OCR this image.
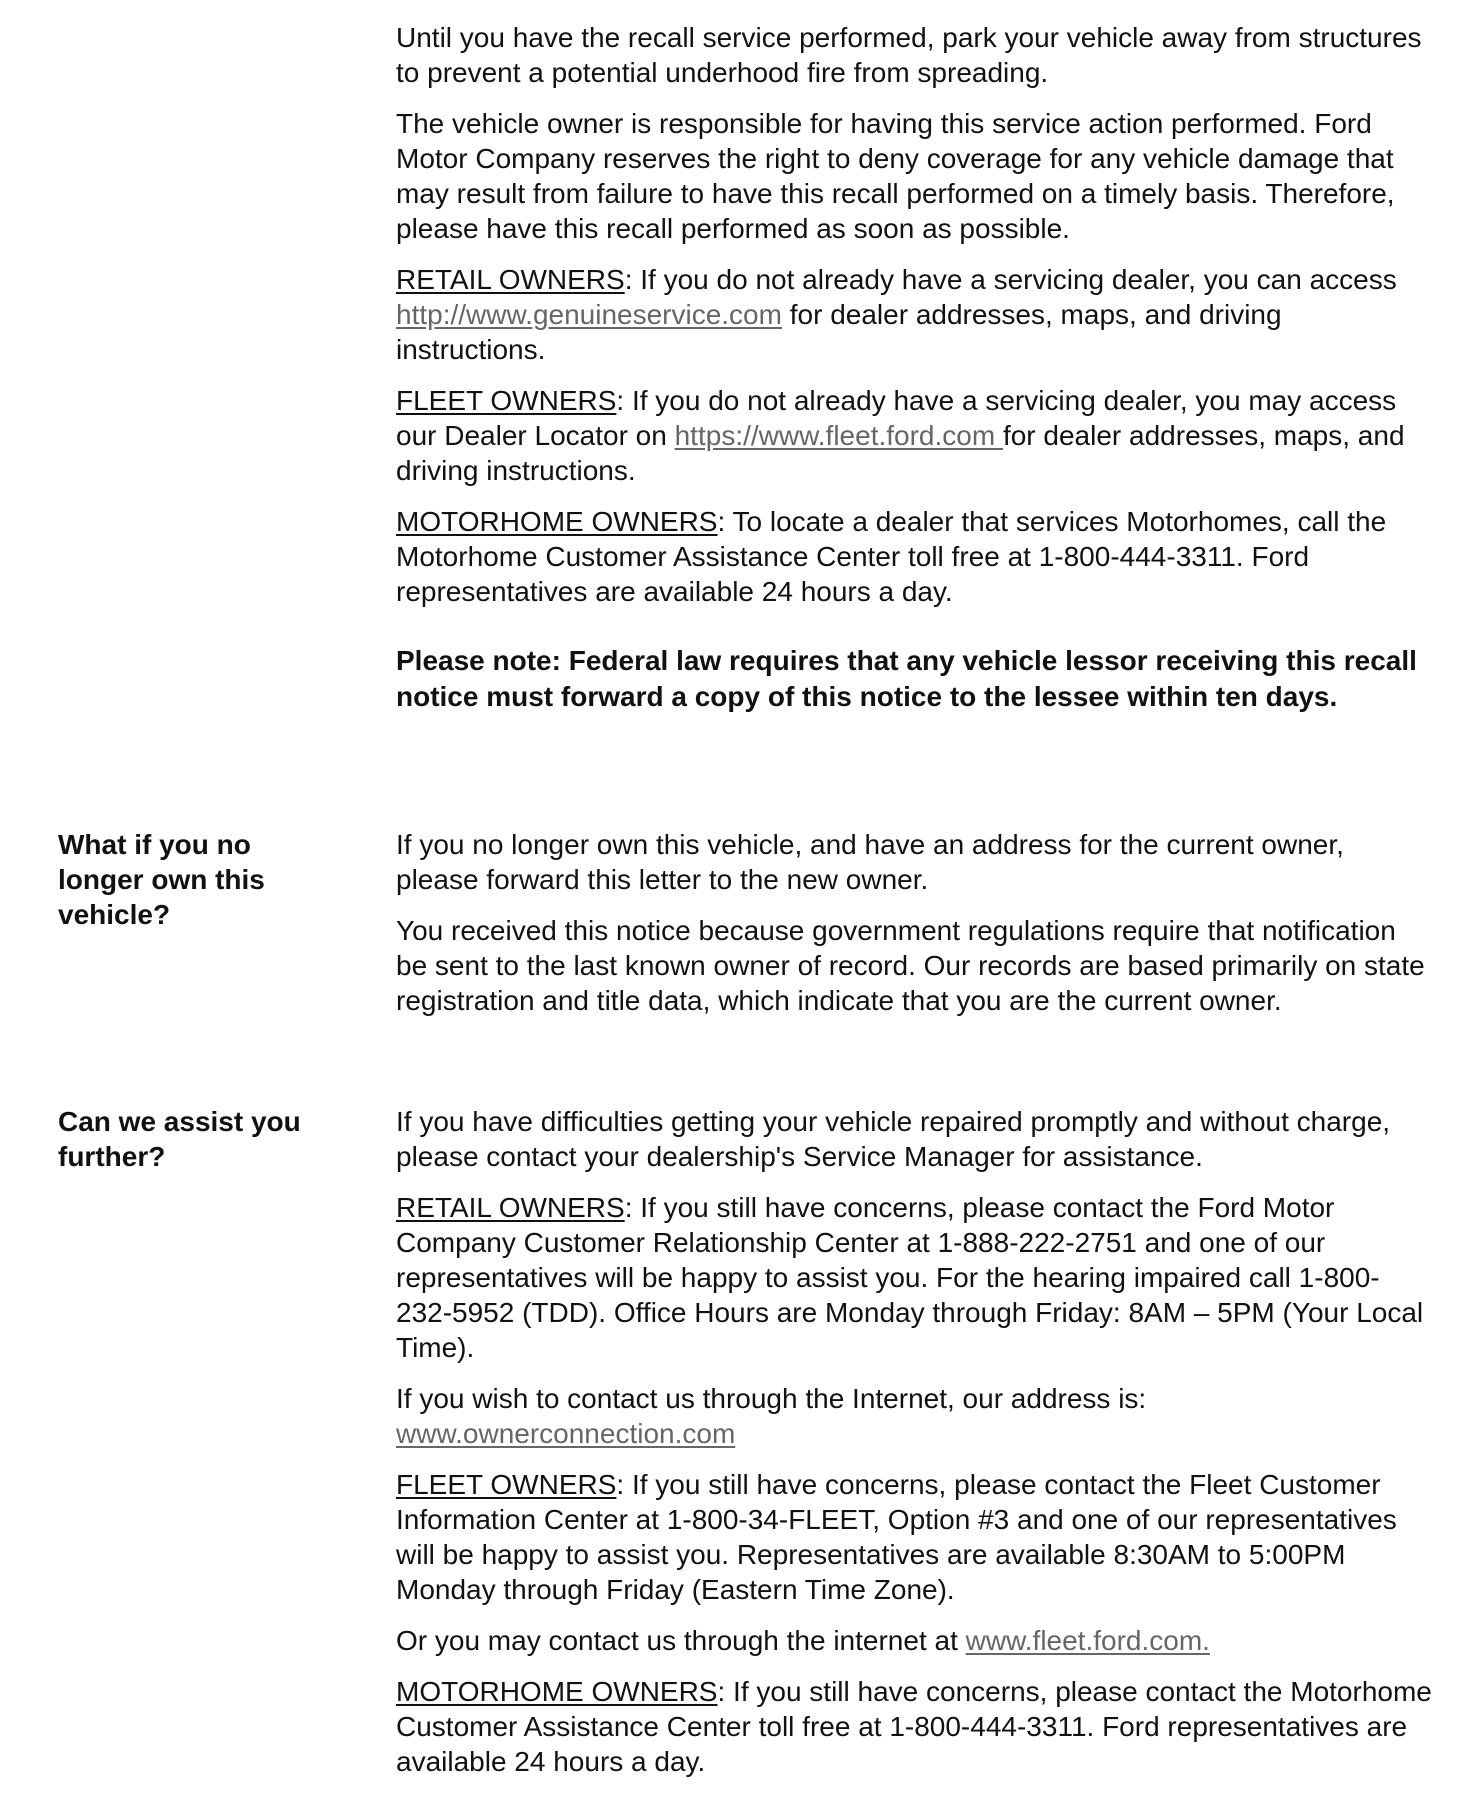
Until you have the recall service performed, park your vehicle away from structures to prevent a potential underhood fire from spreading.

The vehicle owner is responsible for having this service action performed. Ford Motor Company reserves the right to deny coverage for any vehicle damage that may result from failure to have this recall performed on a timely basis. Therefore, please have this recall performed as soon as possible.

RETAIL OWNERS: If you do not already have a servicing dealer, you can access http://www.genuineservice.com for dealer addresses, maps, and driving instructions.

FLEET OWNERS: If you do not already have a servicing dealer, you may access our Dealer Locator on https://www.fleet.ford.com for dealer addresses, maps, and driving instructions.

MOTORHOME OWNERS: To locate a dealer that services Motorhomes, call the Motorhome Customer Assistance Center toll free at 1-800-444-3311. Ford representatives are available 24 hours a day.

Please note: Federal law requires that any vehicle lessor receiving this recall notice must forward a copy of this notice to the lessee within ten days.

What if you no longer own this vehicle?

If you no longer own this vehicle, and have an address for the current owner, please forward this letter to the new owner.

You received this notice because government regulations require that notification be sent to the last known owner of record. Our records are based primarily on state registration and title data, which indicate that you are the current owner.

Can we assist you further?

If you have difficulties getting your vehicle repaired promptly and without charge, please contact your dealership's Service Manager for assistance.

RETAIL OWNERS: If you still have concerns, please contact the Ford Motor Company Customer Relationship Center at 1-888-222-2751 and one of our representatives will be happy to assist you. For the hearing impaired call 1-800-232-5952 (TDD). Office Hours are Monday through Friday: 8AM – 5PM (Your Local Time).

If you wish to contact us through the Internet, our address is:
www.ownerconnection.com

FLEET OWNERS: If you still have concerns, please contact the Fleet Customer Information Center at 1-800-34-FLEET, Option #3 and one of our representatives will be happy to assist you. Representatives are available 8:30AM to 5:00PM Monday through Friday (Eastern Time Zone).

Or you may contact us through the internet at www.fleet.ford.com.

MOTORHOME OWNERS: If you still have concerns, please contact the Motorhome Customer Assistance Center toll free at 1-800-444-3311. Ford representatives are available 24 hours a day.
